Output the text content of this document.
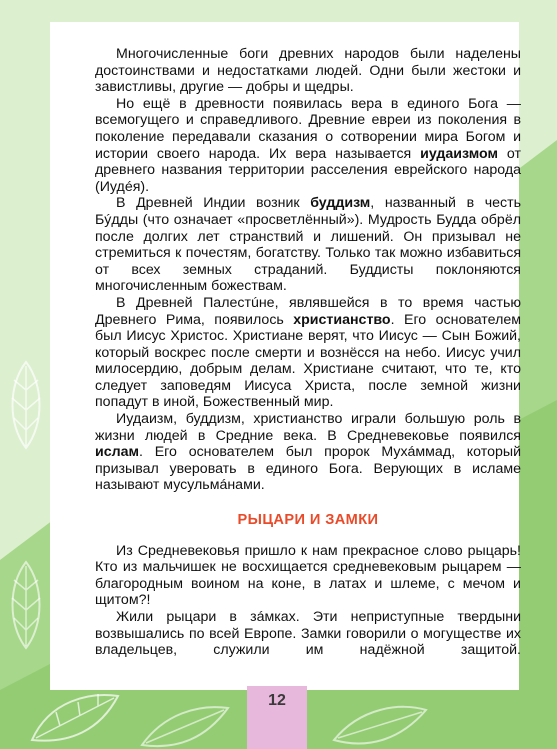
Многочисленные боги древних народов были наделены достоинствами и недостатками людей. Одни были жестоки и завистливы, другие — добры и щедры.

Но ещё в древности появилась вера в единого Бога — всемогущего и справедливого. Древние евреи из поколения в поколение передавали сказания о сотворении мира Богом и истории своего народа. Их вера называется иудаизмом от древнего названия территории расселения еврейского народа (Иудéя).

В Древней Индии возник буддизм, названный в честь Бýдды (что означает «просветлённый»). Мудрость Будда обрёл после долгих лет странствий и лишений. Он призывал не стремиться к почестям, богатству. Только так можно избавиться от всех земных страданий. Буддисты поклоняются многочисленным божествам.

В Древней Палестúне, являвшейся в то время частью Древнего Рима, появилось христианство. Его основателем был Иисус Христос. Христиане верят, что Иисус — Сын Божий, который воскрес после смерти и вознёсся на небо. Иисус учил милосердию, добрым делам. Христиане считают, что те, кто следует заповедям Иисуса Христа, после земной жизни попадут в иной, Божественный мир.

Иудаизм, буддизм, христианство играли большую роль в жизни людей в Средние века. В Средневековье появился ислам. Его основателем был пророк Мухáммад, который призывал уверовать в единого Бога. Верующих в исламе называют мусульмáнами.

РЫЦАРИ И ЗАМКИ

Из Средневековья пришло к нам прекрасное слово рыцарь! Кто из мальчишек не восхищается средневековым рыцарем — благородным воином на коне, в латах и шлеме, с мечом и щитом?!

Жили рыцари в зáмках. Эти неприступные твердыни возвышались по всей Европе. Замки говорили о могуществе их владельцев, служили им надёжной защитой.

12
